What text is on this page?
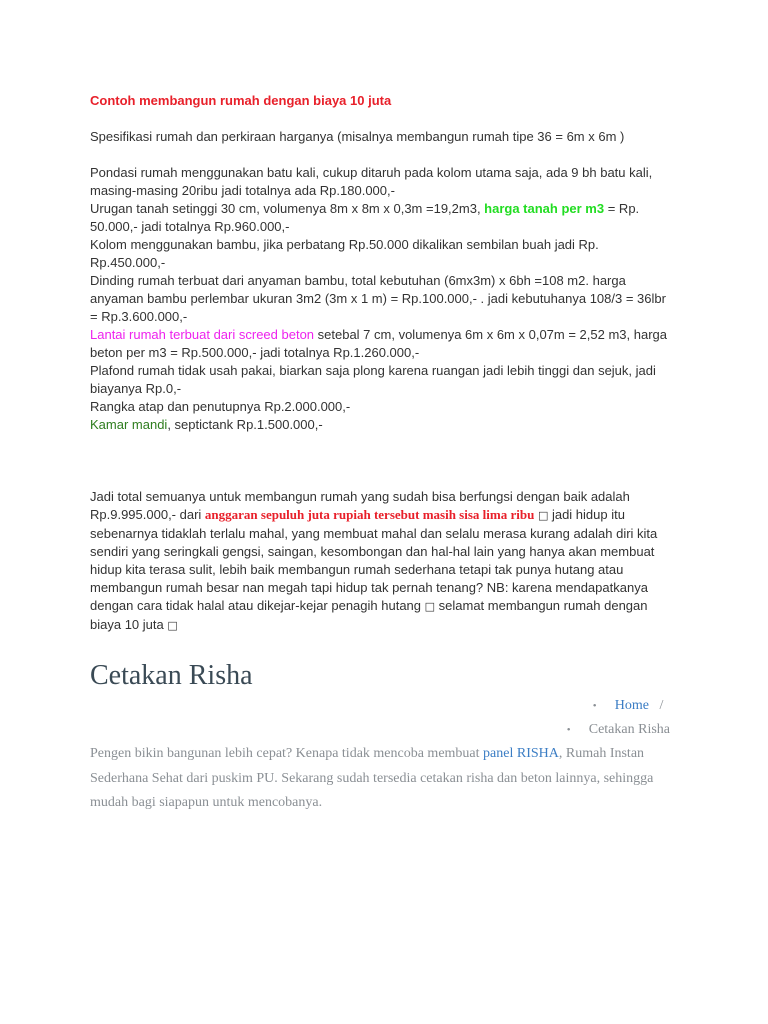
Contoh membangun rumah dengan biaya 10 juta
Spesifikasi rumah dan perkiraan harganya (misalnya membangun rumah tipe 36 = 6m x 6m )
Pondasi rumah menggunakan batu kali, cukup ditaruh pada kolom utama saja, ada 9 bh batu kali,
masing-masing 20ribu jadi totalnya ada Rp.180.000,-
Urugan tanah setinggi 30 cm, volumenya 8m x 8m x 0,3m =19,2m3, harga tanah per m3 = Rp.
50.000,- jadi totalnya Rp.960.000,-
Kolom menggunakan bambu, jika perbatang Rp.50.000 dikalikan sembilan buah jadi Rp.
Rp.450.000,-
Dinding rumah terbuat dari anyaman bambu, total kebutuhan (6mx3m) x 6bh =108 m2. harga
anyaman bambu perlembar ukuran 3m2 (3m x 1 m) = Rp.100.000,- . jadi kebutuhanya 108/3 = 36lbr
= Rp.3.600.000,-
Lantai rumah terbuat dari screed beton setebal 7 cm, volumenya 6m x 6m x 0,07m = 2,52 m3, harga
beton per m3 = Rp.500.000,- jadi totalnya Rp.1.260.000,-
Plafond rumah tidak usah pakai, biarkan saja plong karena ruangan jadi lebih tinggi dan sejuk, jadi
biayanya Rp.0,-
Rangka atap dan penutupnya Rp.2.000.000,-
Kamar mandi, septictank Rp.1.500.000,-
Jadi total semuanya untuk membangun rumah yang sudah bisa berfungsi dengan baik adalah
Rp.9.995.000,- dari anggaran sepuluh juta rupiah tersebut masih sisa lima ribu □ jadi hidup itu
sebenarnya tidaklah terlalu mahal, yang membuat mahal dan selalu merasa kurang adalah diri kita
sendiri yang seringkali gengsi, saingan, kesombongan dan hal-hal lain yang hanya akan membuat
hidup kita terasa sulit, lebih baik membangun rumah sederhana tetapi tak punya hutang atau
membangun rumah besar nan megah tapi hidup tak pernah tenang? NB: karena mendapatkanya
dengan cara tidak halal atau dikejar-kejar penagih hutang □ selamat membangun rumah dengan
biaya 10 juta □
Cetakan Risha
• Home /
• Cetakan Risha
Pengen bikin bangunan lebih cepat? Kenapa tidak mencoba membuat panel RISHA, Rumah Instan Sederhana Sehat dari puskim PU. Sekarang sudah tersedia cetakan risha dan beton lainnya, sehingga mudah bagi siapapun untuk mencobanya.
